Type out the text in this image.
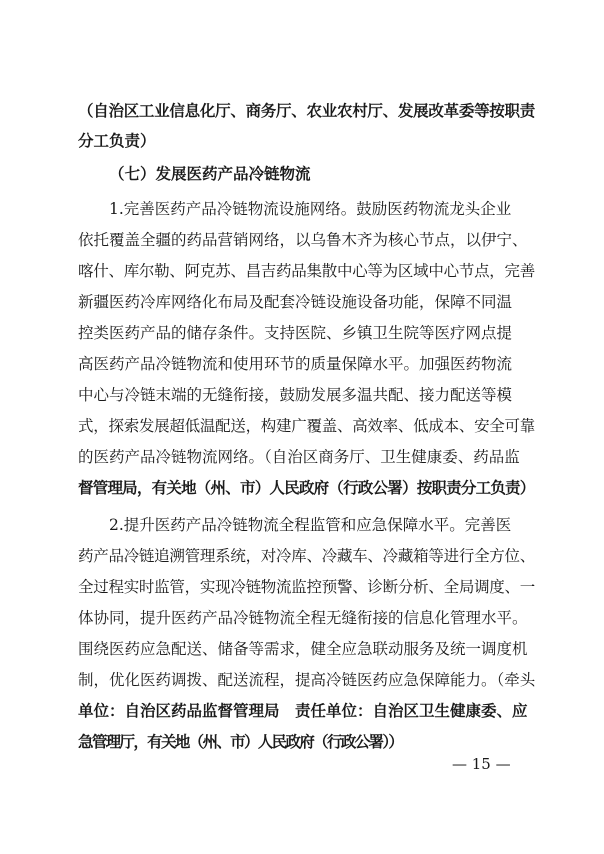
（自治区工业信息化厅、商务厅、农业农村厅、发展改革委等按职责
分工负责）
（七）发展医药产品冷链物流
1.完善医药产品冷链物流设施网络。鼓励医药物流龙头企业
依托覆盖全疆的药品营销网络，以乌鲁木齐为核心节点，以伊宁、
喀什、库尔勒、阿克苏、昌吉药品集散中心等为区域中心节点，完善
新疆医药冷库网络化布局及配套冷链设施设备功能，保障不同温
控类医药产品的储存条件。支持医院、乡镇卫生院等医疗网点提
高医药产品冷链物流和使用环节的质量保障水平。加强医药物流
中心与冷链末端的无缝衔接，鼓励发展多温共配、接力配送等模
式，探索发展超低温配送，构建广覆盖、高效率、低成本、安全可靠
的医药产品冷链物流网络。（自治区商务厅、卫生健康委、药品监
督管理局，有关地（州、市）人民政府（行政公署）按职责分工负责）
2.提升医药产品冷链物流全程监管和应急保障水平。完善医
药产品冷链追溯管理系统，对冷库、冷藏车、冷藏箱等进行全方位、
全过程实时监管，实现冷链物流监控预警、诊断分析、全局调度、一
体协同，提升医药产品冷链物流全程无缝衔接的信息化管理水平。
围绕医药应急配送、储备等需求，健全应急联动服务及统一调度机
制，优化医药调拨、配送流程，提高冷链医药应急保障能力。（牵头
单位：自治区药品监督管理局　责任单位：自治区卫生健康委、应
急管理厅，有关地（州、市）人民政府（行政公署））
— 15 —
